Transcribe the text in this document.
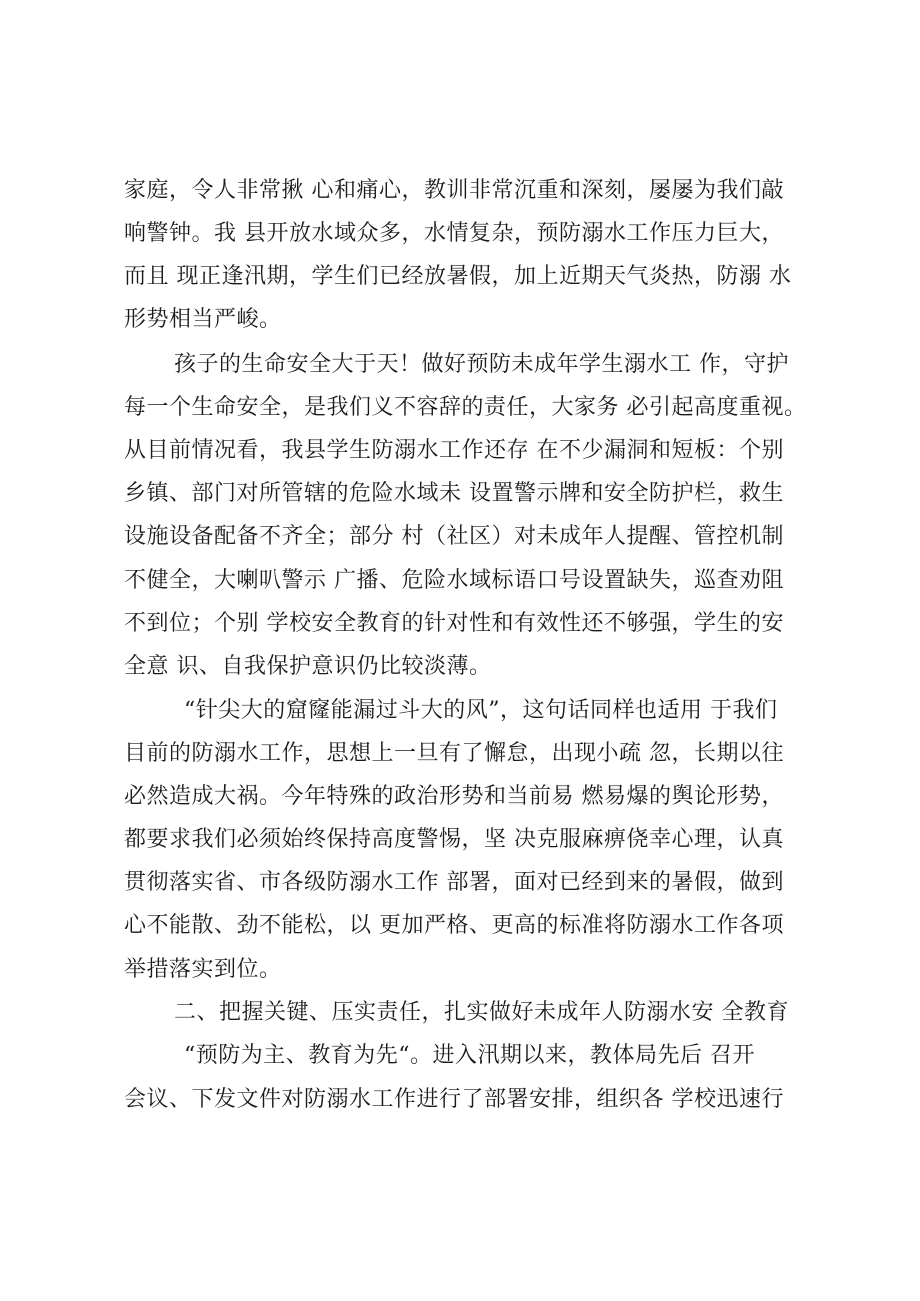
家庭，令人非常揪 心和痛心，教训非常沉重和深刻，屡屡为我们敲
响警钟。我 县开放水域众多，水情复杂，预防溺水工作压力巨大，
而且 现正逢汛期，学生们已经放暑假，加上近期天气炎热，防溺 水
形势相当严峻。
孩子的生命安全大于天！做好预防未成年学生溺水工 作，守护
每一个生命安全，是我们义不容辞的责任，大家务 必引起高度重视。
从目前情况看，我县学生防溺水工作还存 在不少漏洞和短板：个别
乡镇、部门对所管辖的危险水域未 设置警示牌和安全防护栏，救生
设施设备配备不齐全；部分 村（社区）对未成年人提醒、管控机制
不健全，大喇叭警示 广播、危险水域标语口号设置缺失，巡查劝阻
不到位；个别 学校安全教育的针对性和有效性还不够强，学生的安
全意 识、自我保护意识仍比较淡薄。
“针尖大的窟窿能漏过斗大的风”，这句话同样也适用 于我们
目前的防溺水工作，思想上一旦有了懈怠，出现小疏 忽，长期以往
必然造成大祸。今年特殊的政治形势和当前易 燃易爆的舆论形势，
都要求我们必须始终保持高度警惕，坚 决克服麻痹侥幸心理，认真
贯彻落实省、市各级防溺水工作 部署，面对已经到来的暑假，做到
心不能散、劲不能松，以 更加严格、更高的标准将防溺水工作各项
举措落实到位。
二、把握关键、压实责任，扎实做好未成年人防溺水安 全教育
“预防为主、教育为先“。进入汛期以来，教体局先后 召开
会议、下发文件对防溺水工作进行了部署安排，组织各 学校迅速行
